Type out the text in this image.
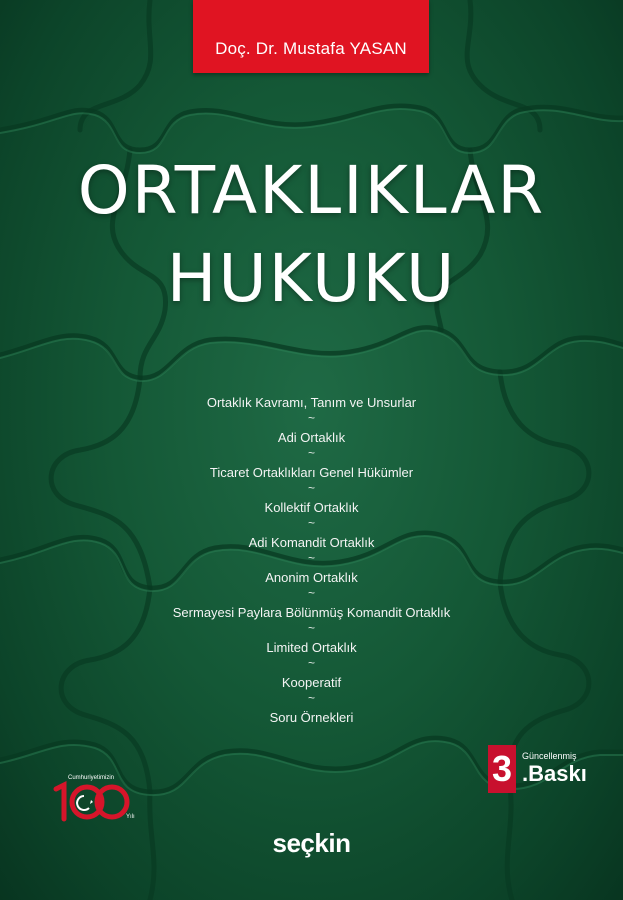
Doç. Dr. Mustafa YASAN
ORTAKLIKLAR
HUKUKU
Ortaklık Kavramı, Tanım ve Unsurlar
~
Adi Ortaklık
~
Ticaret Ortaklıkları Genel Hükümler
~
Kollektif Ortaklık
~
Adi Komandit Ortaklık
~
Anonim Ortaklık
~
Sermayesi Paylara Bölünmüş Komandit Ortaklık
~
Limited Ortaklık
~
Kooperatif
~
Soru Örnekleri
Cumhuriyetimizin
Yılı
3	Güncellenmiş
.Baskı
seçkin
